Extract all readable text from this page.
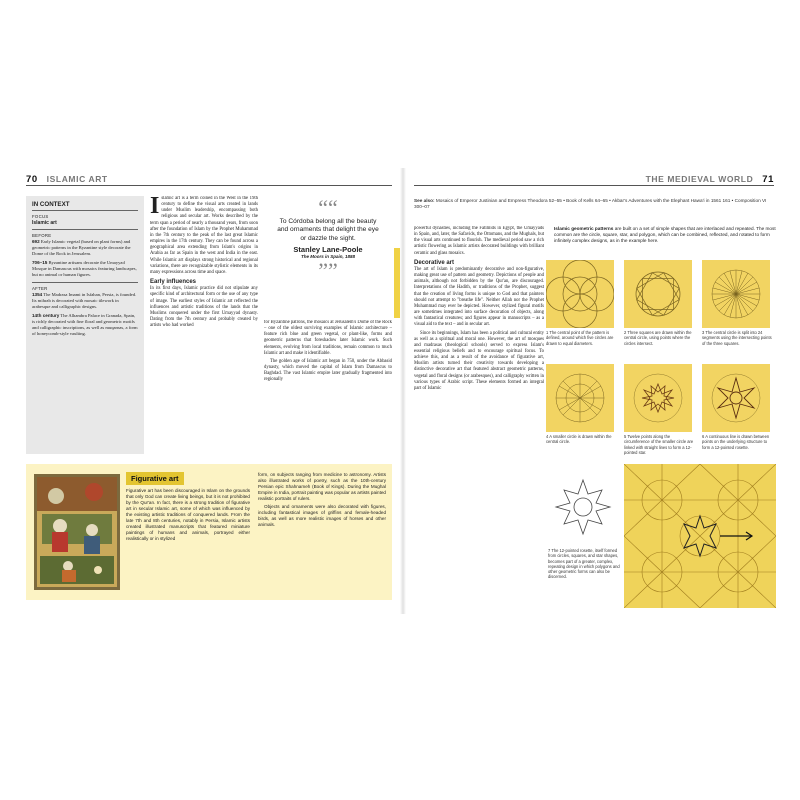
70 ISLAMIC ART	THE MEDIEVAL WORLD 71
IN CONTEXT
FOCUS
Islamic art
BEFORE
692 Early Islamic vegetal (based on plant forms) and geometric patterns in the Byzantine style decorate the Dome of the Rock in Jerusalem.
706–15 Byzantine artisans decorate the Umayyad Mosque in Damascus with mosaics featuring landscapes, but no animal or human figures.
AFTER
1354 The Madrasa Imami in Isfahan, Persia, is founded. Its mihrab is decorated with mosaic tilework in arabesque and calligraphic designs.
14th century The Alhambra Palace in Granada, Spain, is richly decorated with fine floral and geometric motifs and calligraphic inscriptions, as well as muqarnas, a form of honeycomb-style vaulting.

Islamic art is a term coined in the West in the 19th century to define the visual arts created in lands under Muslim leadership, encompassing both religious and secular art. Works described by the term span a period of nearly a thousand years, from soon after the foundation of Islam by the Prophet Muhammad in the 7th century to the peak of the last great Islamic empires in the 17th century. They can be found across a geographical area extending from Islam's origins in Arabia as far as Spain in the west and India in the east. While Islamic art displays strong historical and regional variations, there are recognizable stylistic elements in its many expressions across time and space.

Early influences

In its first days, Islamic practice did not stipulate any specific kind of architectural form or the use of any type of image. The earliest styles of Islamic art reflected the influences and artistic traditions of the lands that the Muslims conquered under the first Umayyad dynasty. Dating from the 7th century and probably created by artists who had worked

““
To Córdoba belong all the beauty and ornaments that delight the eye or dazzle the sight.
Stanley Lane-Poole
The Moors in Spain, 1888
””

for Byzantine patrons, the mosaics at Jerusalem's Dome of the Rock – one of the oldest surviving examples of Islamic architecture – feature rich blue and green vegetal, or plant-like, forms and geometric patterns that foreshadow later Islamic work. Such elements, evolving from local traditions, remain common to much Islamic art and make it identifiable.

The golden age of Islamic art began in 750, under the Abbasid dynasty, which moved the capital of Islam from Damascus to Baghdad. The vast Islamic empire later gradually fragmented into regionally

Figurative art

Figurative art has been discouraged in Islam on the grounds that only God can create living beings, but it is not prohibited by the Qur'an. In fact, there is a strong tradition of figurative art in secular Islamic art, some of which was influenced by the existing artistic traditions of conquered lands. From the late 7th and 8th centuries, notably in Persia, Islamic artists created illustrated manuscripts that featured miniature paintings of humans and animals, portrayed either realistically or in stylized

form, on subjects ranging from medicine to astronomy. Artists also illustrated works of poetry, such as the 10th-century Persian epic Shahnameh (Book of Kings). During the Mughal Empire in India, portrait painting was popular as artists painted realistic portraits of rulers.

Objects and ornaments were also decorated with figures, including fantastical images of griffins and female-headed birds, as well as more realistic images of horses and other animals.

See also: Mosaics of Emperor Justinian and Empress Theodora 52–55 • Book of Kells 64–65 • Akbar's Adventures with the Elephant Hawa'i in 1561 161 • Composition VI 300–07

powerful dynasties, including the Fatimids in Egypt, the Umayyads in Spain, and, later, the Safavids, the Ottomans, and the Mughals, but the visual arts continued to flourish. The medieval period saw a rich artistic flowering as Islamic artists decorated buildings with brilliant ceramic and glass mosaics.

Decorative art

The art of Islam is predominantly decorative and non-figurative, making great use of pattern and geometry. Depictions of people and animals, although not forbidden by the Qur'an, are discouraged. Interpretations of the Hadith, or traditions of the Prophet, suggest that the creation of living forms is unique to God and that painters should not attempt to "breathe life". Neither Allah nor the Prophet Muhammad may ever be depicted. However, stylized figural motifs are sometimes integrated into surface decoration of objects, along with fantastical creatures; and figures appear in manuscripts – as a visual aid to the text – and in secular art.

Since its beginnings, Islam has been a political and cultural entity as well as a spiritual and moral one. However, the art of mosques and madrasas (theological schools) served to express Islam's essential religious beliefs and to encourage spiritual focus. To achieve this, and as a result of the avoidance of figurative art, Muslim artists turned their creativity towards developing a distinctive decorative art that featured abstract geometric patterns, vegetal and floral designs (or arabesques), and calligraphy written in various types of Arabic script. These elements formed an integral part of Islamic

Islamic geometric patterns are built on a set of simple shapes that are interlaced and repeated. The most common are the circle, square, star, and polygon, which can be combined, reflected, and rotated to form infinitely complex designs, as in the example here.
1 The central point of the pattern is defined, around which five circles are drawn to equal diameters.
2 Three squares are drawn within the central circle, using points where the circles intersect.
3 The central circle is split into 24 segments using the intersecting points of the three squares.
4 A smaller circle is drawn within the central circle.
5 Twelve points along the circumference of the smaller circle are linked with straight lines to form a 12-pointed star.
6 A continuous line is drawn between points on the underlying structure to form a 12-pointed rosette.
7 The 12-pointed rosette, itself formed from circles, squares, and star shapes, becomes part of a greater, complex, repeating design in which polygons and other geometric forms can also be discerned.
